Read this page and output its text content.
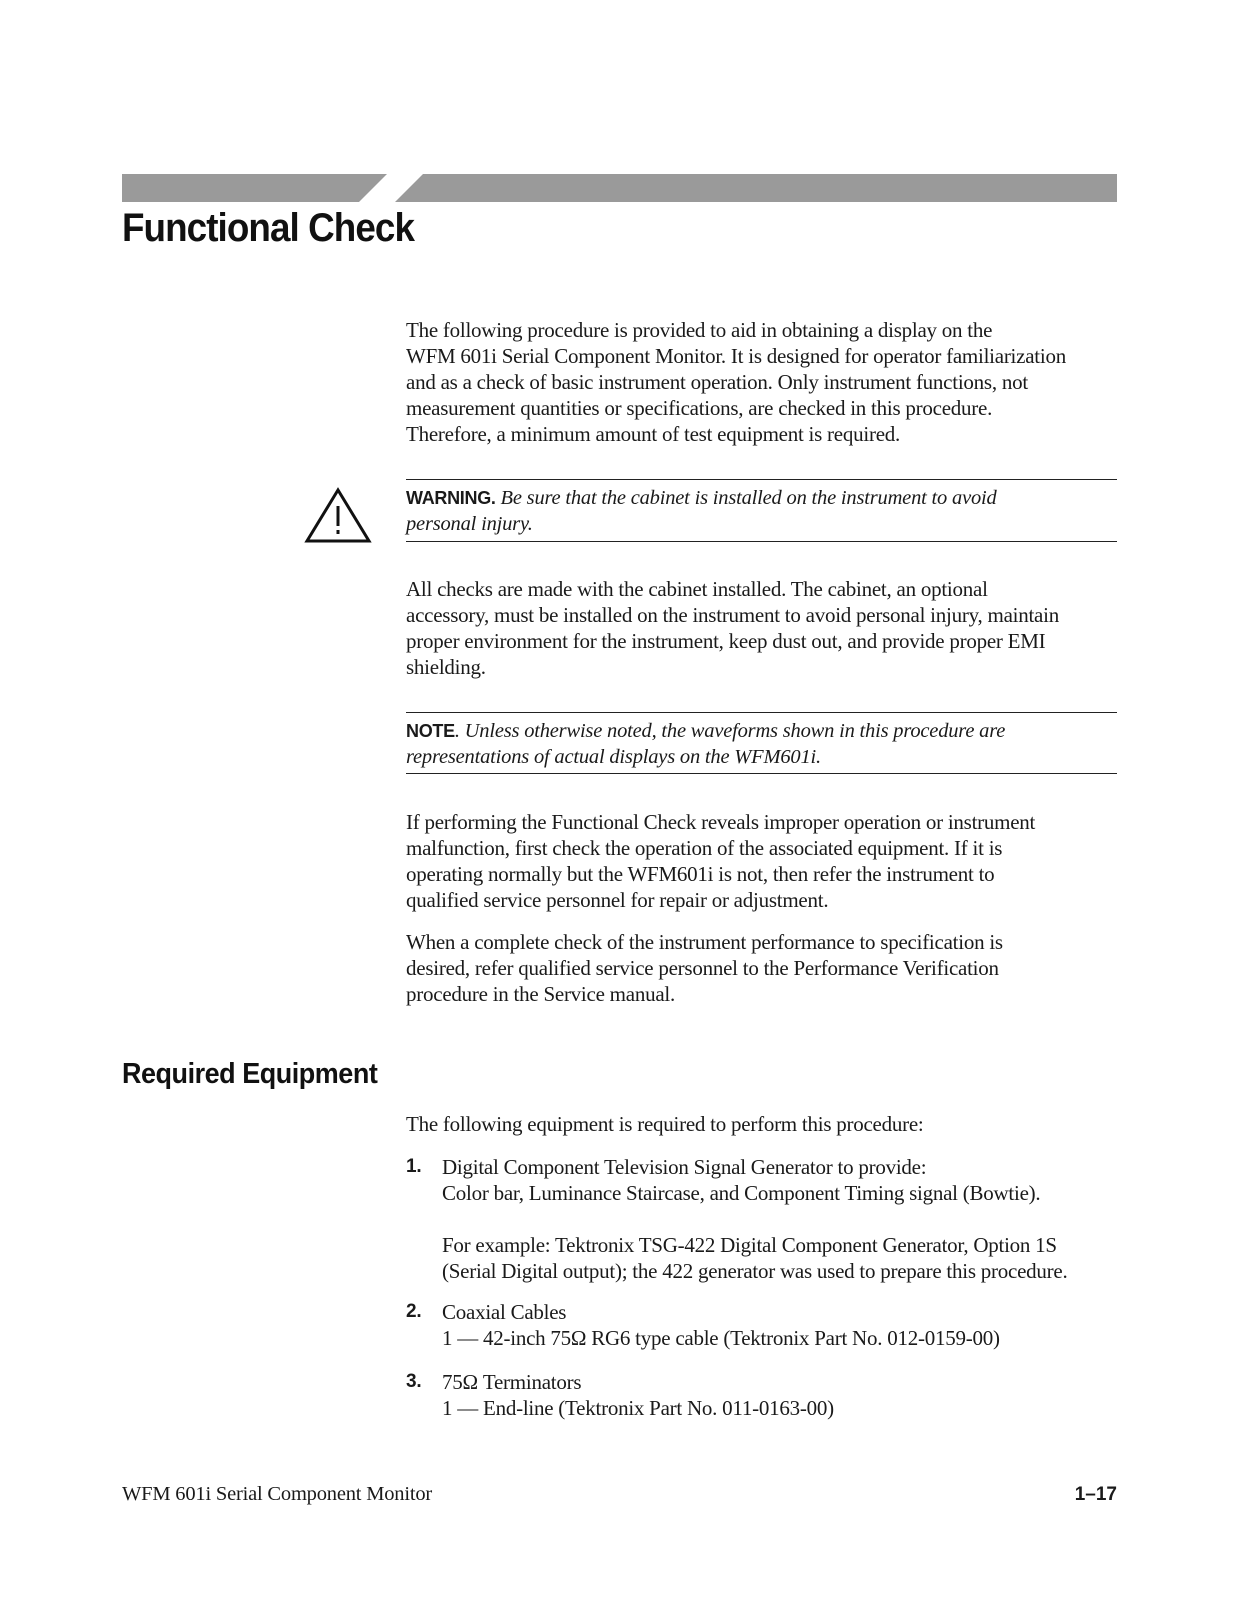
Functional Check

The following procedure is provided to aid in obtaining a display on the
WFM 601i Serial Component Monitor. It is designed for operator familiarization
and as a check of basic instrument operation. Only instrument functions, not
measurement quantities or specifications, are checked in this procedure.
Therefore, a minimum amount of test equipment is required.

WARNING. Be sure that the cabinet is installed on the instrument to avoid
personal injury.

All checks are made with the cabinet installed. The cabinet, an optional
accessory, must be installed on the instrument to avoid personal injury, maintain
proper environment for the instrument, keep dust out, and provide proper EMI
shielding.

NOTE. Unless otherwise noted, the waveforms shown in this procedure are
representations of actual displays on the WFM601i.

If performing the Functional Check reveals improper operation or instrument
malfunction, first check the operation of the associated equipment. If it is
operating normally but the WFM601i is not, then refer the instrument to
qualified service personnel for repair or adjustment.

When a complete check of the instrument performance to specification is
desired, refer qualified service personnel to the Performance Verification
procedure in the Service manual.

Required Equipment

The following equipment is required to perform this procedure:

1. Digital Component Television Signal Generator to provide:
Color bar, Luminance Staircase, and Component Timing signal (Bowtie).
For example: Tektronix TSG-422 Digital Component Generator, Option 1S
(Serial Digital output); the 422 generator was used to prepare this procedure.
2. Coaxial Cables
1 — 42-inch 75Ω RG6 type cable (Tektronix Part No. 012-0159-00)
3. 75Ω Terminators
1 — End-line (Tektronix Part No. 011-0163-00)
WFM 601i Serial Component Monitor	1–17
